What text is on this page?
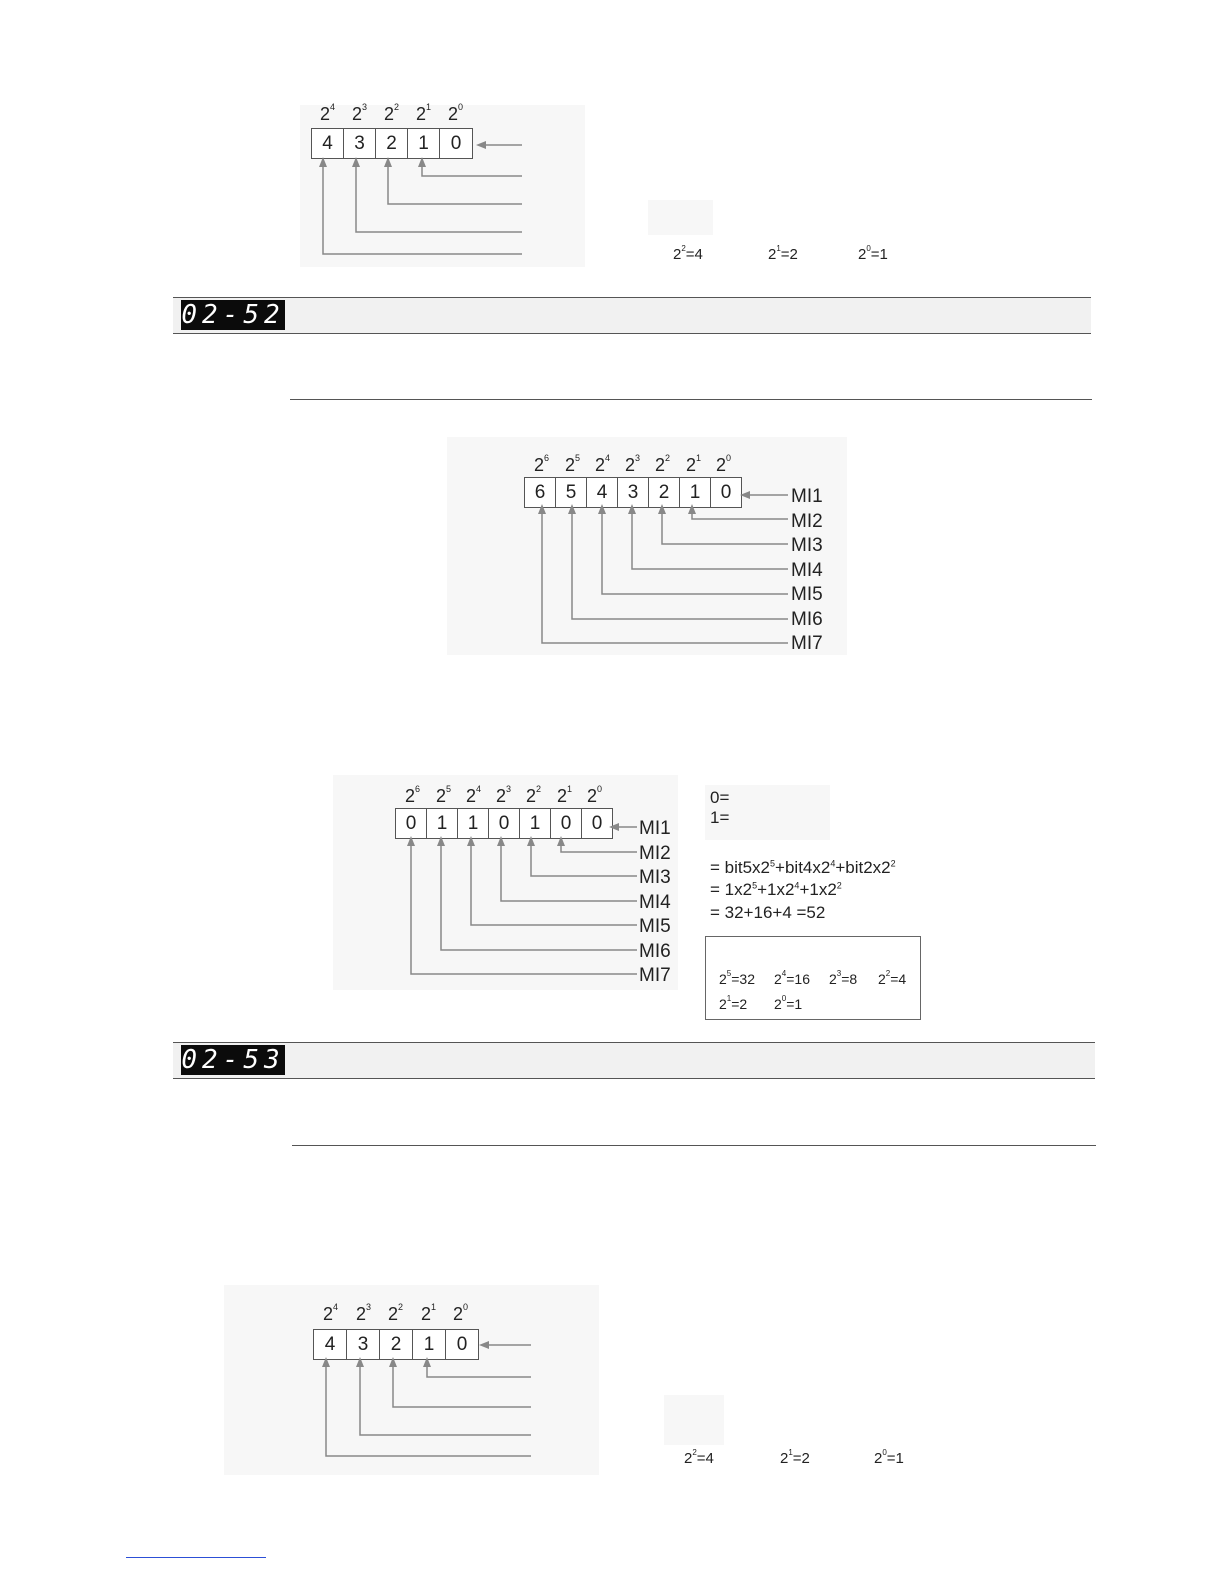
$2^4$ $2^3$ $2^2$ $2^1$ $2^0$
4	3	2	1	0
$2^2=4$	$2^1=2$	$2^0=1$
02-52
$2^6$ $2^5$ $2^4$ $2^3$ $2^2$ $2^1$ $2^0$
6	5	4	3	2	1	0	MI1
MI2
MI3
MI4
MI5
MI6
MI7
$2^6$ $2^5$ $2^4$ $2^3$ $2^2$ $2^1$ $2^0$
0	1	1	0	1	0	0	MI1
MI2
MI3
MI4
MI5
MI6
MI7
0=
1=
= $bit5x2^5+bit4x2^4+bit2x2^2$
= $1x2^5+1x2^4+1x2^2$
= 32+16+4 =52
$2^5=32$ $2^4=16$ $2^3=8$ $2^2=4$
$2^1=2$ $2^0=1$
02-53
$2^4$ $2^3$ $2^2$ $2^1$ $2^0$
4	3	2	1	0
$2^2=4$	$2^1=2$	$2^0=1$
